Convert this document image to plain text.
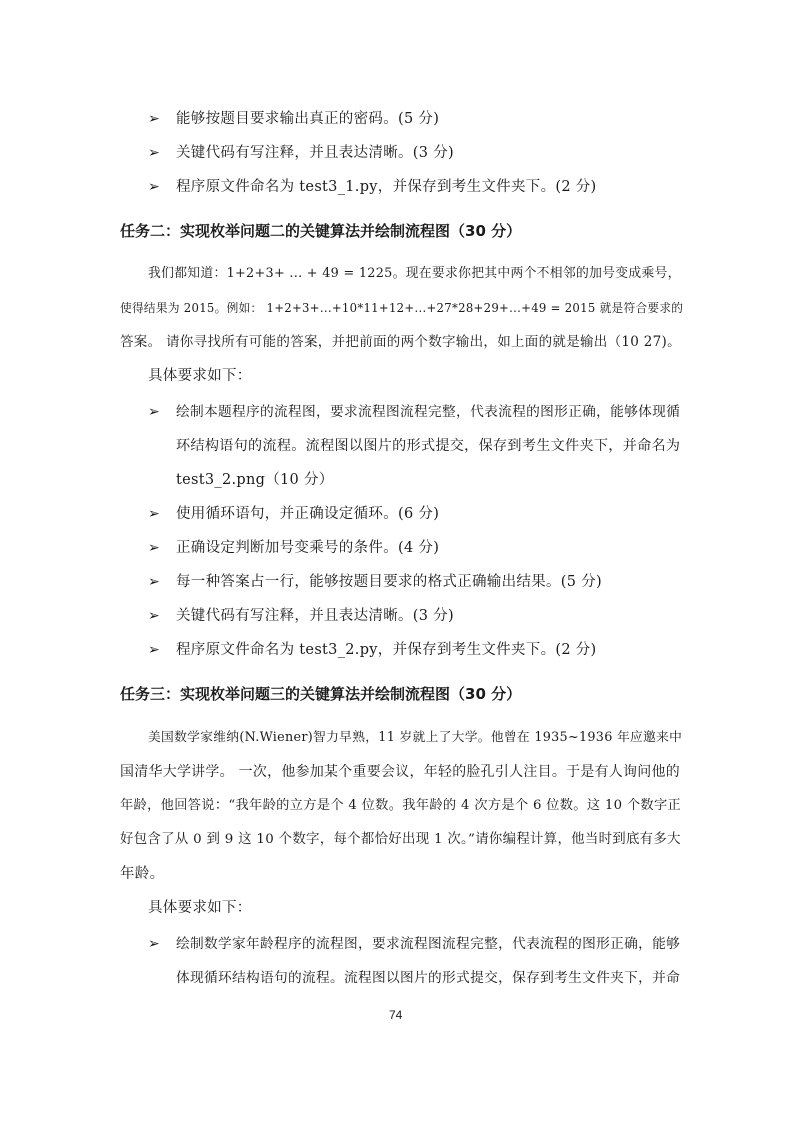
➢ 能够按题目要求输出真正的密码。(5 分)
➢ 关键代码有写注释，并且表达清晰。(3 分)
➢ 程序原文件命名为 test3_1.py，并保存到考生文件夹下。(2 分)
任务二：实现枚举问题二的关键算法并绘制流程图（30 分）
我们都知道：1+2+3+ ... + 49 = 1225。现在要求你把其中两个不相邻的加号变成乘号，
使得结果为 2015。例如： 1+2+3+...+10*11+12+...+27*28+29+...+49 = 2015 就是符合要求的
答案。 请你寻找所有可能的答案，并把前面的两个数字输出，如上面的就是输出（10 27)。
具体要求如下：
➢ 绘制本题程序的流程图，要求流程图流程完整，代表流程的图形正确，能够体现循
环结构语句的流程。流程图以图片的形式提交，保存到考生文件夹下，并命名为
test3_2.png（10 分）
➢ 使用循环语句，并正确设定循环。(6 分)
➢ 正确设定判断加号变乘号的条件。(4 分)
➢ 每一种答案占一行，能够按题目要求的格式正确输出结果。(5 分)
➢ 关键代码有写注释，并且表达清晰。(3 分)
➢ 程序原文件命名为 test3_2.py，并保存到考生文件夹下。(2 分)
任务三：实现枚举问题三的关键算法并绘制流程图（30 分）
美国数学家维纳(N.Wiener)智力早熟，11 岁就上了大学。他曾在 1935~1936 年应邀来中
国清华大学讲学。 一次，他参加某个重要会议，年轻的脸孔引人注目。于是有人询问他的
年龄，他回答说：“我年龄的立方是个 4 位数。我年龄的 4 次方是个 6 位数。这 10 个数字正
好包含了从 0 到 9 这 10 个数字，每个都恰好出现 1 次。”请你编程计算，他当时到底有多大
年龄。
具体要求如下：
➢ 绘制数学家年龄程序的流程图，要求流程图流程完整，代表流程的图形正确，能够
体现循环结构语句的流程。流程图以图片的形式提交，保存到考生文件夹下，并命
74
